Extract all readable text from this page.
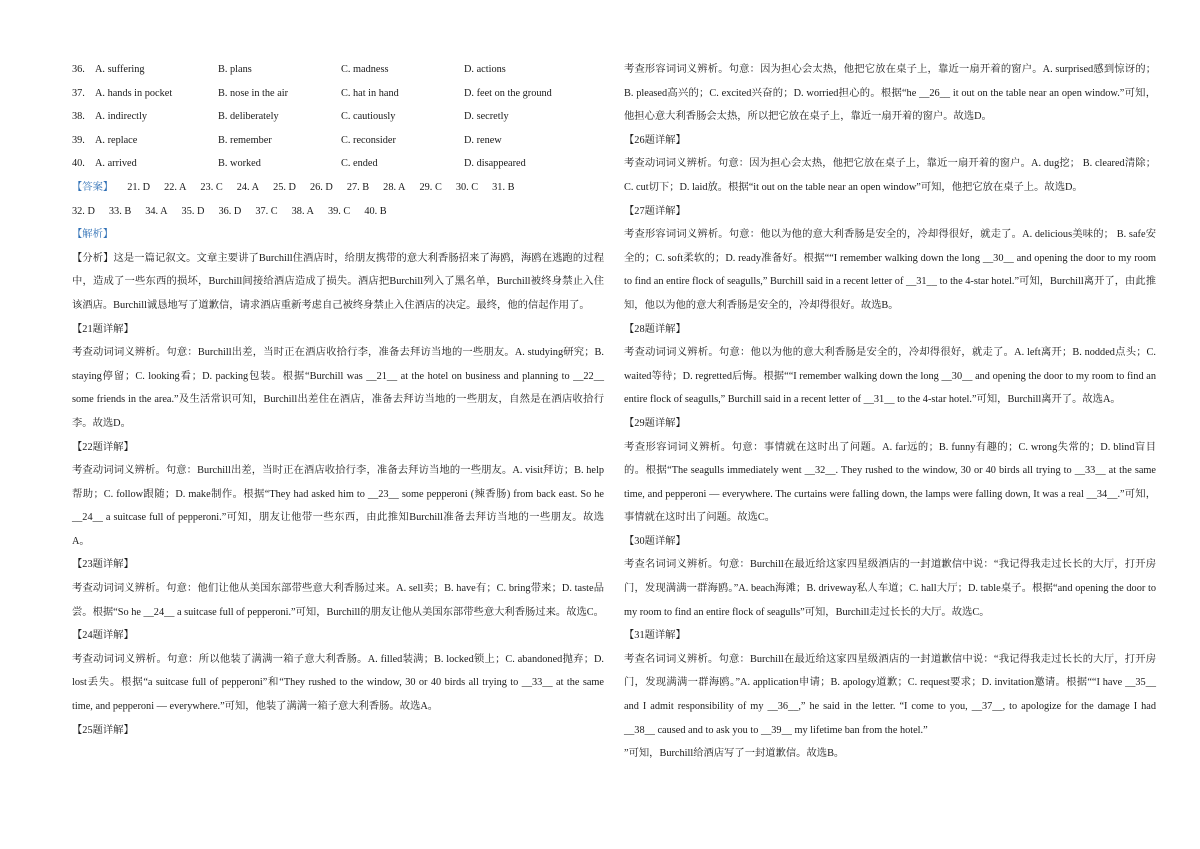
36. A. suffering	B. plans	C. madness	D. actions
37. A. hands in pocket	B. nose in the air	C. hat in hand	D. feet on the ground
38. A. indirectly	B. deliberately	C. cautiously	D. secretly
39. A. replace	B. remember	C. reconsider	D. renew
40. A. arrived	B. worked	C. ended	D. disappeared

【答案】 21. D 22. A 23. C 24. A 25. D 26. D 27. B 28. A 29. C 30. C 31. B

32. D 33. B 34. A 35. D 36. D 37. C 38. A 39. C 40. B

【解析】

【分析】这是一篇记叙文。文章主要讲了Burchill住酒店时，给朋友携带的意大利香肠招来了海鸥，海鸥在逃跑的过程中，造成了一些东西的损坏，Burchill间接给酒店造成了损失。酒店把Burchill列入了黑名单，Burchill被终身禁止入住该酒店。Burchill诚恳地写了道歉信，请求酒店重新考虑自己被终身禁止入住酒店的决定。最终，他的信起作用了。

【21题详解】

考查动词词义辨析。句意：Burchill出差，当时正在酒店收拾行李，准备去拜访当地的一些朋友。A. studying研究；B. staying停留；C. looking看；D. packing包装。根据“Burchill was __21__ at the hotel on business and planning to __22__ some friends in the area.”及生活常识可知，Burchill出差住在酒店，准备去拜访当地的一些朋友，自然是在酒店收拾行李。故选D。

【22题详解】

考查动词词义辨析。句意：Burchill出差，当时正在酒店收拾行李，准备去拜访当地的一些朋友。A. visit拜访；B. help帮助；C. follow跟随；D. make制作。根据“They had asked him to __23__ some pepperoni (辣香肠) from back east. So he __24__ a suitcase full of pepperoni.”可知，朋友让他带一些东西，由此推知Burchill准备去拜访当地的一些朋友。故选A。

【23题详解】

考查动词词义辨析。句意：他们让他从美国东部带些意大利香肠过来。A. sell卖；B. have有；C. bring带来；D. taste品尝。根据“So he __24__ a suitcase full of pepperoni.”可知，Burchill的朋友让他从美国东部带些意大利香肠过来。故选C。

【24题详解】

考查动词词义辨析。句意：所以他装了满满一箱子意大利香肠。A. filled装满；B. locked锁上；C. abandoned抛弃；D. lost丢失。根据“a suitcase full of pepperoni”和“They rushed to the window, 30 or 40 birds all trying to __33__ at the same time, and pepperoni — everywhere.”可知，他装了满满一箱子意大利香肠。故选A。

【25题详解】

考查形容词词义辨析。句意：因为担心会太热，他把它放在桌子上，靠近一扇开着的窗户。A. surprised感到惊讶的；B. pleased高兴的；C. excited兴奋的；D. worried担心的。根据“he __26__ it out on the table near an open window.”可知，他担心意大利香肠会太热，所以把它放在桌子上，靠近一扇开着的窗户。故选D。

【26题详解】

考查动词词义辨析。句意：因为担心会太热，他把它放在桌子上，靠近一扇开着的窗户。A. dug挖； B. cleared清除；C. cut切下；D. laid放。根据“it out on the table near an open window”可知，他把它放在桌子上。故选D。

【27题详解】

考查形容词词义辨析。句意：他以为他的意大利香肠是安全的，冷却得很好，就走了。A. delicious美味的； B. safe安全的；C. soft柔软的；D. ready准备好。根据““I remember walking down the long __30__ and opening the door to my room to find an entire flock of seagulls,” Burchill said in a recent letter of __31__ to the 4-star hotel.”可知，Burchill离开了，由此推知，他以为他的意大利香肠是安全的，冷却得很好。故选B。

【28题详解】

考查动词词义辨析。句意：他以为他的意大利香肠是安全的，冷却得很好，就走了。A. left离开；B. nodded点头；C. waited等待；D. regretted后悔。根据““I remember walking down the long __30__ and opening the door to my room to find an entire flock of seagulls,” Burchill said in a recent letter of __31__ to the 4-star hotel.”可知，Burchill离开了。故选A。

【29题详解】

考查形容词词义辨析。句意：事情就在这时出了问题。A. far远的；B. funny有趣的；C. wrong失常的；D. blind盲目的。根据“The seagulls immediately went __32__. They rushed to the window, 30 or 40 birds all trying to __33__ at the same time, and pepperoni — everywhere. The curtains were falling down, the lamps were falling down, It was a real __34__.”可知，事情就在这时出了问题。故选C。

【30题详解】

考查名词词义辨析。句意：Burchill在最近给这家四星级酒店的一封道歉信中说：“我记得我走过长长的大厅，打开房门，发现满满一群海鸥。”A. beach海滩；B. driveway私人车道；C. hall大厅；D. table桌子。根据“and opening the door to my room to find an entire flock of seagulls”可知，Burchill走过长长的大厅。故选C。

【31题详解】

考查名词词义辨析。句意：Burchill在最近给这家四星级酒店的一封道歉信中说：“我记得我走过长长的大厅，打开房门，发现满满一群海鸥。”A. application申请；B. apology道歉；C. request要求；D. invitation邀请。根据““I have __35__ and I admit responsibility of my __36__,” he said in the letter. “I come to you, __37__, to apologize for the damage I had __38__ caused and to ask you to __39__ my lifetime ban from the hotel.”

”可知，Burchill给酒店写了一封道歉信。故选B。
